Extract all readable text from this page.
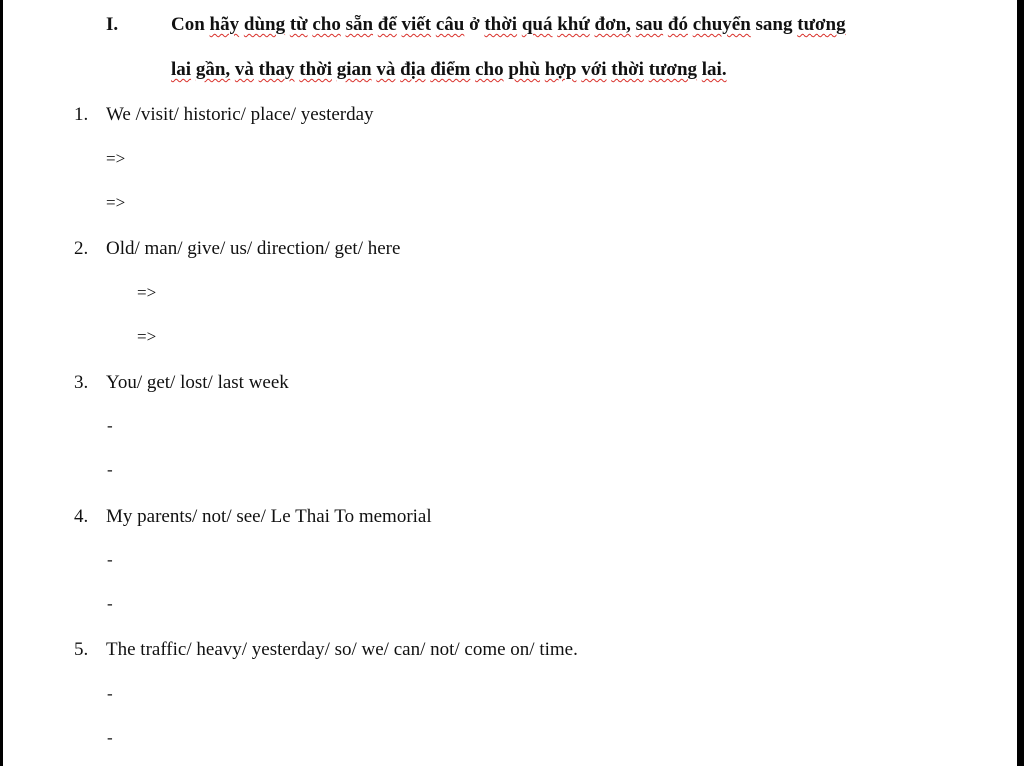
I.	Con hãy dùng từ cho sẵn để viết câu ở thời quá khứ đơn, sau đó chuyển sang tương
lai gần, và thay thời gian và địa điểm cho phù hợp với thời tương lai.
1. We /visit/ historic/ place/ yesterday
=>
=>
2. Old/ man/ give/ us/ direction/ get/ here
=>
=>
3. You/ get/ lost/ last week
-
-
4. My parents/ not/ see/ Le Thai To memorial
-
-
5. The traffic/ heavy/ yesterday/ so/ we/ can/ not/ come on/ time.
-
-
